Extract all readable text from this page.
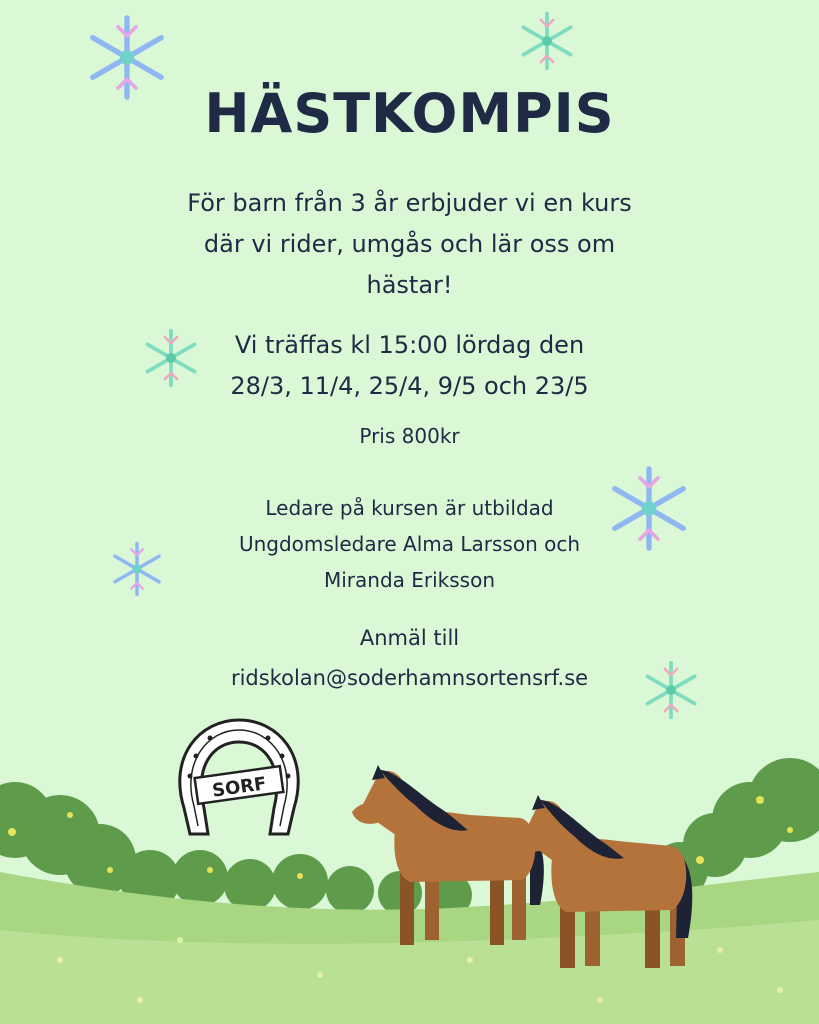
HÄSTKOMPIS
För barn från 3 år erbjuder vi en kurs
där vi rider, umgås och lär oss om
hästar!
Vi träffas kl 15:00 lördag den
28/3, 11/4, 25/4, 9/5 och 23/5
Pris 800kr
Ledare på kursen är utbildad
Ungdomsledare Alma Larsson och
Miranda Eriksson
Anmäl till
ridskolan@soderhamnsortensrf.se
SORF
